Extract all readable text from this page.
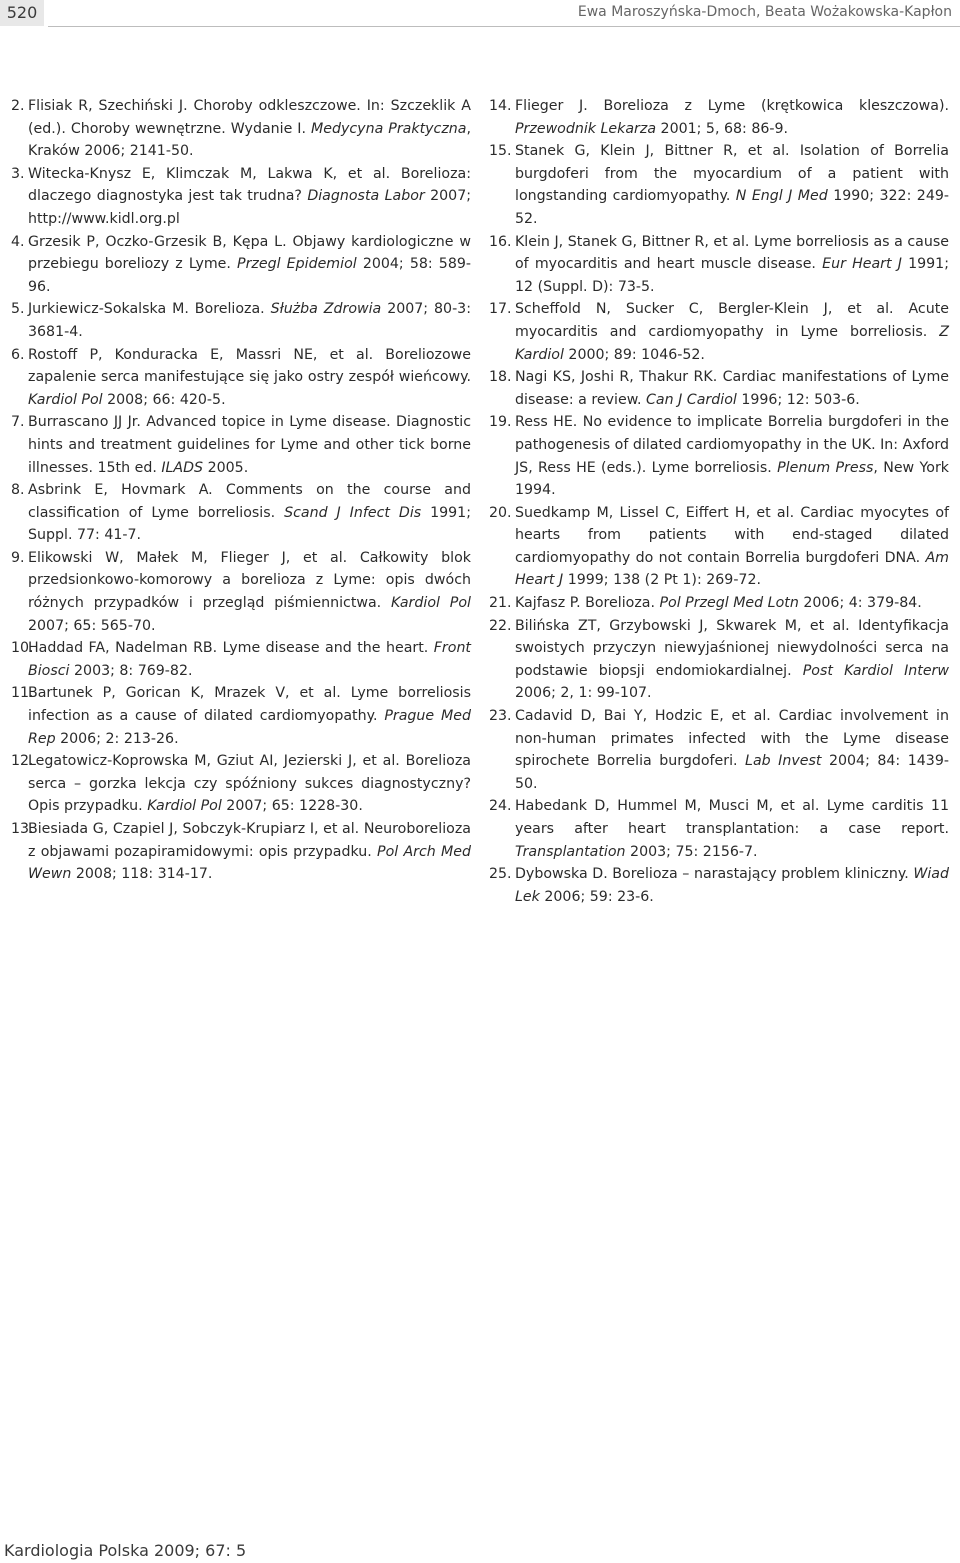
520	Ewa Maroszyńska-Dmoch, Beata Wożakowska-Kapłon
2. Flisiak R, Szechiński J. Choroby odkleszczowe. In: Szczeklik A (ed.). Choroby wewnętrzne. Wydanie I. Medycyna Praktyczna, Kraków 2006; 2141-50.
3. Witecka-Knysz E, Klimczak M, Lakwa K, et al. Borelioza: dlaczego diagnostyka jest tak trudna? Diagnosta Labor 2007; http://www.kidl.org.pl
4. Grzesik P, Oczko-Grzesik B, Kępa L. Objawy kardiologiczne w przebiegu boreliozy z Lyme. Przegl Epidemiol 2004; 58: 589-96.
5. Jurkiewicz-Sokalska M. Borelioza. Służba Zdrowia 2007; 80-3: 3681-4.
6. Rostoff P, Konduracka E, Massri NE, et al. Boreliozowe zapalenie serca manifestujące się jako ostry zespół wieńcowy. Kardiol Pol 2008; 66: 420-5.
7. Burrascano JJ Jr. Advanced topice in Lyme disease. Diagnostic hints and treatment guidelines for Lyme and other tick borne illnesses. 15th ed. ILADS 2005.
8. Asbrink E, Hovmark A. Comments on the course and classification of Lyme borreliosis. Scand J Infect Dis 1991; Suppl. 77: 41-7.
9. Elikowski W, Małek M, Flieger J, et al. Całkowity blok przedsionkowo-komorowy a borelioza z Lyme: opis dwóch różnych przypadków i przegląd piśmiennictwa. Kardiol Pol 2007; 65: 565-70.
10.
Haddad FA, Nadelman RB. Lyme disease and the heart. Front Biosci 2003; 8: 769-82.
11.
Bartunek P, Gorican K, Mrazek V, et al. Lyme borreliosis infection as a cause of dilated cardiomyopathy. Prague Med Rep 2006; 2: 213-26.
12.
Legatowicz-Koprowska M, Gziut AI, Jezierski J, et al. Borelioza serca – gorzka lekcja czy spóźniony sukces diagnostyczny? Opis przypadku. Kardiol Pol 2007; 65: 1228-30.
13.
Biesiada G, Czapiel J, Sobczyk-Krupiarz I, et al. Neuroborelioza z objawami pozapiramidowymi: opis przypadku. Pol Arch Med Wewn 2008; 118: 314-17.
14. Flieger J. Borelioza z Lyme (krętkowica kleszczowa). Przewodnik Lekarza 2001; 5, 68: 86-9.
15. Stanek G, Klein J, Bittner R, et al. Isolation of Borrelia burgdoferi from the myocardium of a patient with longstanding cardiomyopathy. N Engl J Med 1990; 322: 249-52.
16. Klein J, Stanek G, Bittner R, et al. Lyme borreliosis as a cause of myocarditis and heart muscle disease. Eur Heart J 1991; 12 (Suppl. D): 73-5.
17. Scheffold N, Sucker C, Bergler-Klein J, et al. Acute myocarditis and cardiomyopathy in Lyme borreliosis. Z Kardiol 2000; 89: 1046-52.
18. Nagi KS, Joshi R, Thakur RK. Cardiac manifestations of Lyme disease: a review. Can J Cardiol 1996; 12: 503-6.
19. Ress HE. No evidence to implicate Borrelia burgdoferi in the pathogenesis of dilated cardiomyopathy in the UK. In: Axford JS, Ress HE (eds.). Lyme borreliosis. Plenum Press, New York 1994.
20. Suedkamp M, Lissel C, Eiffert H, et al. Cardiac myocytes of hearts from patients with end-staged dilated cardiomyopathy do not contain Borrelia burgdoferi DNA. Am Heart J 1999; 138 (2 Pt 1): 269-72.
21. Kajfasz P. Borelioza. Pol Przegl Med Lotn 2006; 4: 379-84.
22. Bilińska ZT, Grzybowski J, Skwarek M, et al. Identyfikacja swoistych przyczyn niewyjaśnionej niewydolności serca na podstawie biopsji endomiokardialnej. Post Kardiol Interw 2006; 2, 1: 99-107.
23. Cadavid D, Bai Y, Hodzic E, et al. Cardiac involvement in non-human primates infected with the Lyme disease spirochete Borrelia burgdoferi. Lab Invest 2004; 84: 1439-50.
24. Habedank D, Hummel M, Musci M, et al. Lyme carditis 11 years after heart transplantation: a case report. Transplantation 2003; 75: 2156-7.
25. Dybowska D. Borelioza – narastający problem kliniczny. Wiad Lek 2006; 59: 23-6.
Kardiologia Polska 2009; 67: 5
